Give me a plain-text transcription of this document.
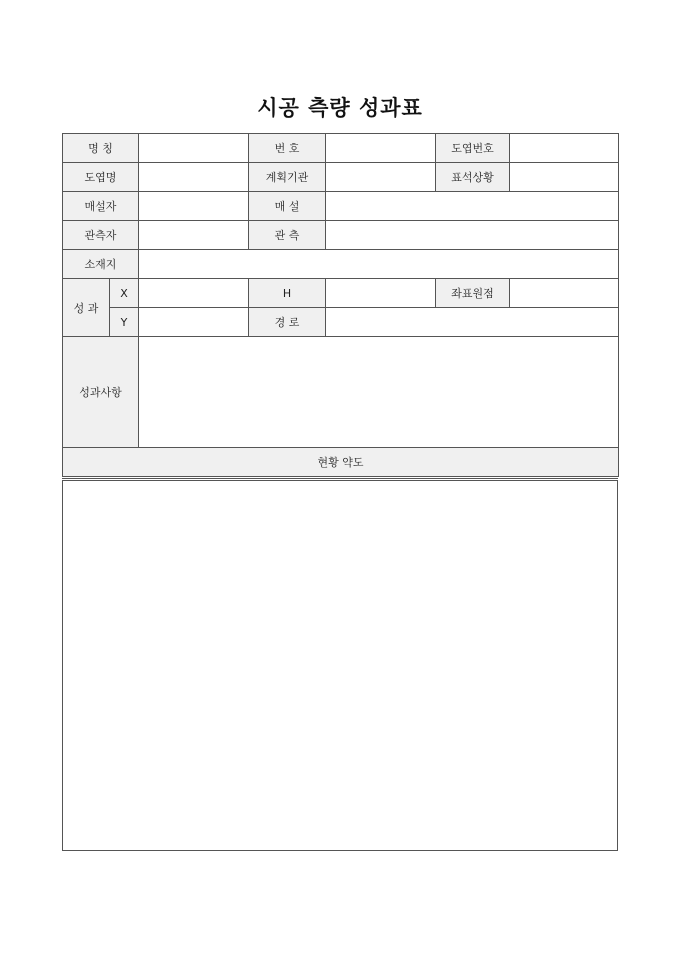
시공 측량 성과표
명 칭			번 호		도엽번호	
도엽명			계획기관		표석상황	
매설자			매 설			
관측자			관 측			
소재지						
성 과	X		H		좌표원점	
	Y		경 로			
성과사항						
현황 약도						
